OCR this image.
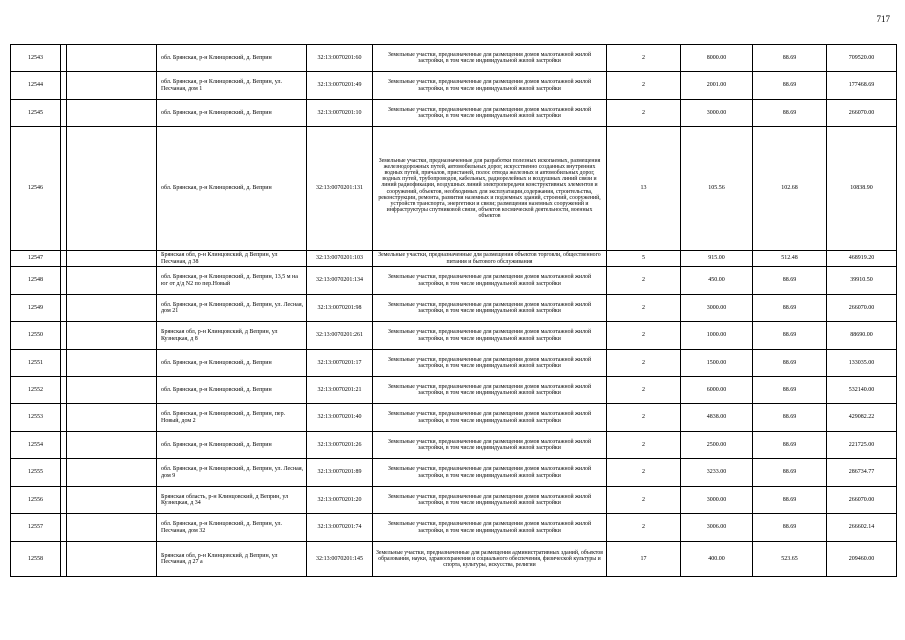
717
12543			обл. Брянская, р-н Клинцовский, д. Веприн	32:13:0070201:60	Земельные участки, предназначенные для размещения домов малоэтажной жилой застройки, в том числе индивидуальной жилой застройки	2	8000.00	88.69	709520.00
12544			обл. Брянская, р-н Клинцовский, д. Веприн, ул. Песчаная, дом 1	32:13:0070201:49	Земельные участки, предназначенные для размещения домов малоэтажной жилой застройки, в том числе индивидуальной жилой застройки	2	2001.00	88.69	177468.69
12545			обл. Брянская, р-н Клинцовский, д. Веприн	32:13:0070201:10	Земельные участки, предназначенные для размещения домов малоэтажной жилой застройки, в том числе индивидуальной жилой застройки	2	3000.00	88.69	266070.00
12546			обл. Брянская, р-н Клинцовский, д. Веприн	32:13:0070201:131	Земельные участки, предназначенные для разработки полезных ископаемых, размещения железнодорожных путей, автомобильных дорог, искусственно созданных внутренних водных путей, причалов, пристаней, полос отвода железных и автомобильных дорог, водных путей, трубопроводов, кабельных, радиорелейных и воздушных линий связи и линий радиофикации, воздушных линий электропередачи конструктивных элементов и сооружений, объектов, необходимых для эксплуатации,содержания, строительства, реконструкции, ремонта, развития наземных и подземных зданий, строений, сооружений, устройств транспорта, энергетики и связи; размещения наземных сооружений и инфраструктуры спутниковой связи, объектов космической деятельности, военных объектов	13	105.56	102.68	10838.90
12547			Брянская обл, р-н Клинцовский, д Веприн, ул Песчаная, д 38	32:13:0070201:103	Земельные участки, предназначенные для размещения объектов торговли, общественного питания и бытового обслуживания	5	915.00	512.48	468919.20
12548			обл. Брянская, р-н Клинцовский, д. Веприн, 13,5 м на юг от д/д N2 по пер.Новый	32:13:0070201:134	Земельные участки, предназначенные для размещения домов малоэтажной жилой застройки, в том числе индивидуальной жилой застройки	2	450.00	88.69	39910.50
12549			обл. Брянская, р-н Клинцовский, д. Веприн, ул. Лесная, дом 21	32:13:0070201:98	Земельные участки, предназначенные для размещения домов малоэтажной жилой застройки, в том числе индивидуальной жилой застройки	2	3000.00	88.69	266070.00
12550			Брянская обл, р-н Клинцовский, д Веприн, ул Кузнецкая, д 8	32:13:0070201:261	Земельные участки, предназначенные для размещения домов малоэтажной жилой застройки, в том числе индивидуальной жилой застройки	2	1000.00	88.69	88690.00
12551			обл. Брянская, р-н Клинцовский, д. Веприн	32:13:0070201:17	Земельные участки, предназначенные для размещения домов малоэтажной жилой застройки, в том числе индивидуальной жилой застройки	2	1500.00	88.69	133035.00
12552			обл. Брянская, р-н Клинцовский, д. Веприн	32:13:0070201:21	Земельные участки, предназначенные для размещения домов малоэтажной жилой застройки, в том числе индивидуальной жилой застройки	2	6000.00	88.69	532140.00
12553			обл. Брянская, р-н Клинцовский, д. Веприн, пер. Новый, дом 2	32:13:0070201:40	Земельные участки, предназначенные для размещения домов малоэтажной жилой застройки, в том числе индивидуальной жилой застройки	2	4838.00	88.69	429082.22
12554			обл. Брянская, р-н Клинцовский, д. Веприн	32:13:0070201:26	Земельные участки, предназначенные для размещения домов малоэтажной жилой застройки, в том числе индивидуальной жилой застройки	2	2500.00	88.69	221725.00
12555			обл. Брянская, р-н Клинцовский, д. Веприн, ул. Лесная, дом 9	32:13:0070201:89	Земельные участки, предназначенные для размещения домов малоэтажной жилой застройки, в том числе индивидуальной жилой застройки	2	3233.00	88.69	286734.77
12556			Брянская область, р-н Клинцовский, д Веприн, ул Кузнецкая, д 34	32:13:0070201:20	Земельные участки, предназначенные для размещения домов малоэтажной жилой застройки, в том числе индивидуальной жилой застройки	2	3000.00	88.69	266070.00
12557			обл. Брянская, р-н Клинцовский, д. Веприн, ул. Песчаная, дом 32	32:13:0070201:74	Земельные участки, предназначенные для размещения домов малоэтажной жилой застройки, в том числе индивидуальной жилой застройки	2	3006.00	88.69	266602.14
12558			Брянская обл, р-н Клинцовский, д Веприн, ул Песчаная, д 27 а	32:13:0070201:145	Земельные участки, предназначенные для размещения административных зданий, объектов образования, науки, здравоохранения и социального обеспечения, физической культуры и спорта, культуры, искусства, религии	17	400.00	523.65	209460.00
